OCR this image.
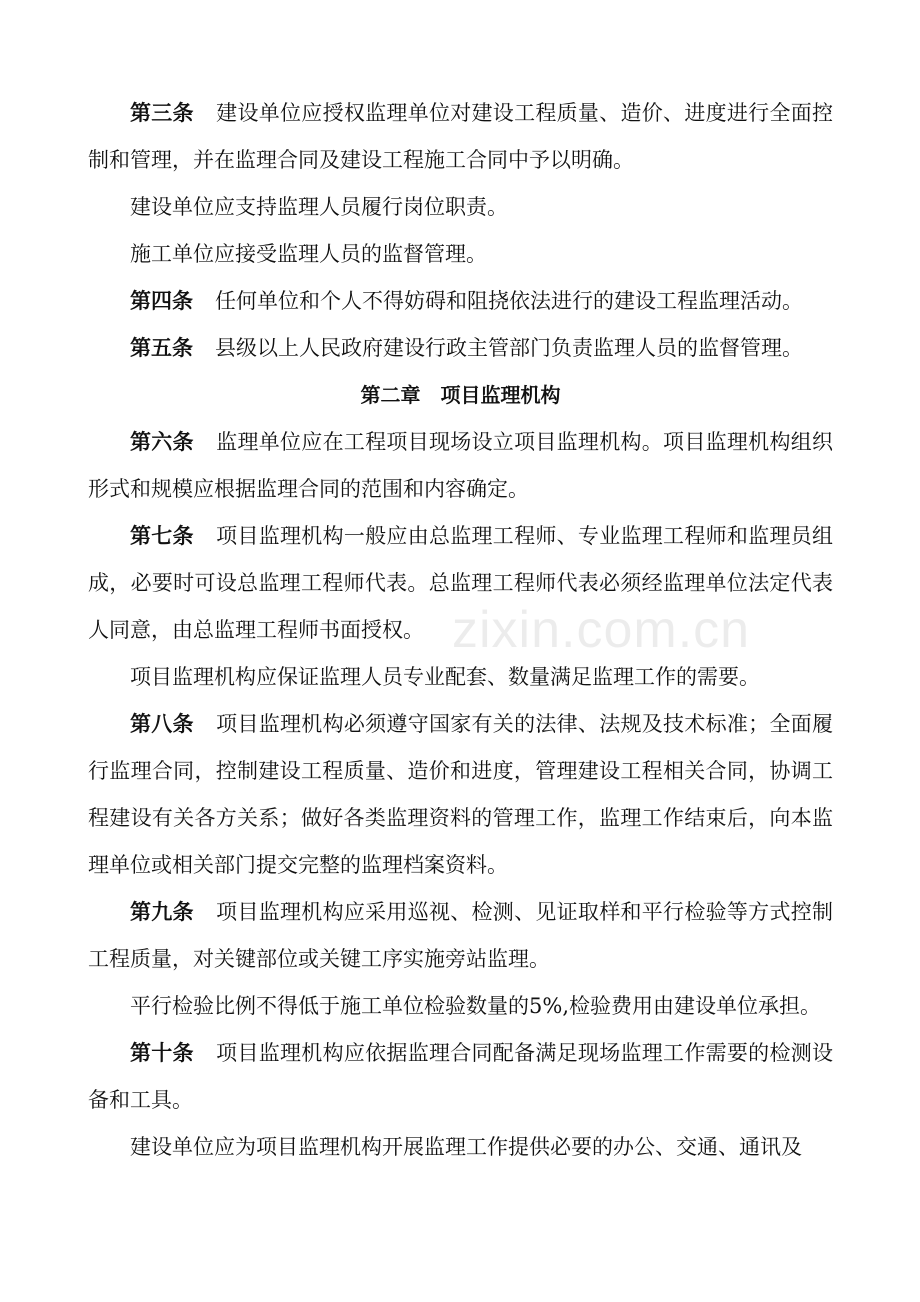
第三条 建设单位应授权监理单位对建设工程质量、造价、进度进行全面控制和管理，并在监理合同及建设工程施工合同中予以明确。

建设单位应支持监理人员履行岗位职责。

施工单位应接受监理人员的监督管理。

第四条 任何单位和个人不得妨碍和阻挠依法进行的建设工程监理活动。

第五条 县级以上人民政府建设行政主管部门负责监理人员的监督管理。

第二章 项目监理机构

第六条 监理单位应在工程项目现场设立项目监理机构。项目监理机构组织形式和规模应根据监理合同的范围和内容确定。

第七条 项目监理机构一般应由总监理工程师、专业监理工程师和监理员组成，必要时可设总监理工程师代表。总监理工程师代表必须经监理单位法定代表人同意，由总监理工程师书面授权。

项目监理机构应保证监理人员专业配套、数量满足监理工作的需要。

第八条 项目监理机构必须遵守国家有关的法律、法规及技术标准；全面履行监理合同，控制建设工程质量、造价和进度，管理建设工程相关合同，协调工程建设有关各方关系；做好各类监理资料的管理工作，监理工作结束后，向本监理单位或相关部门提交完整的监理档案资料。

第九条 项目监理机构应采用巡视、检测、见证取样和平行检验等方式控制工程质量，对关键部位或关键工序实施旁站监理。

平行检验比例不得低于施工单位检验数量的5%,检验费用由建设单位承担。

第十条 项目监理机构应依据监理合同配备满足现场监理工作需要的检测设备和工具。

建设单位应为项目监理机构开展监理工作提供必要的办公、交通、通讯及

zixin.com.cn
